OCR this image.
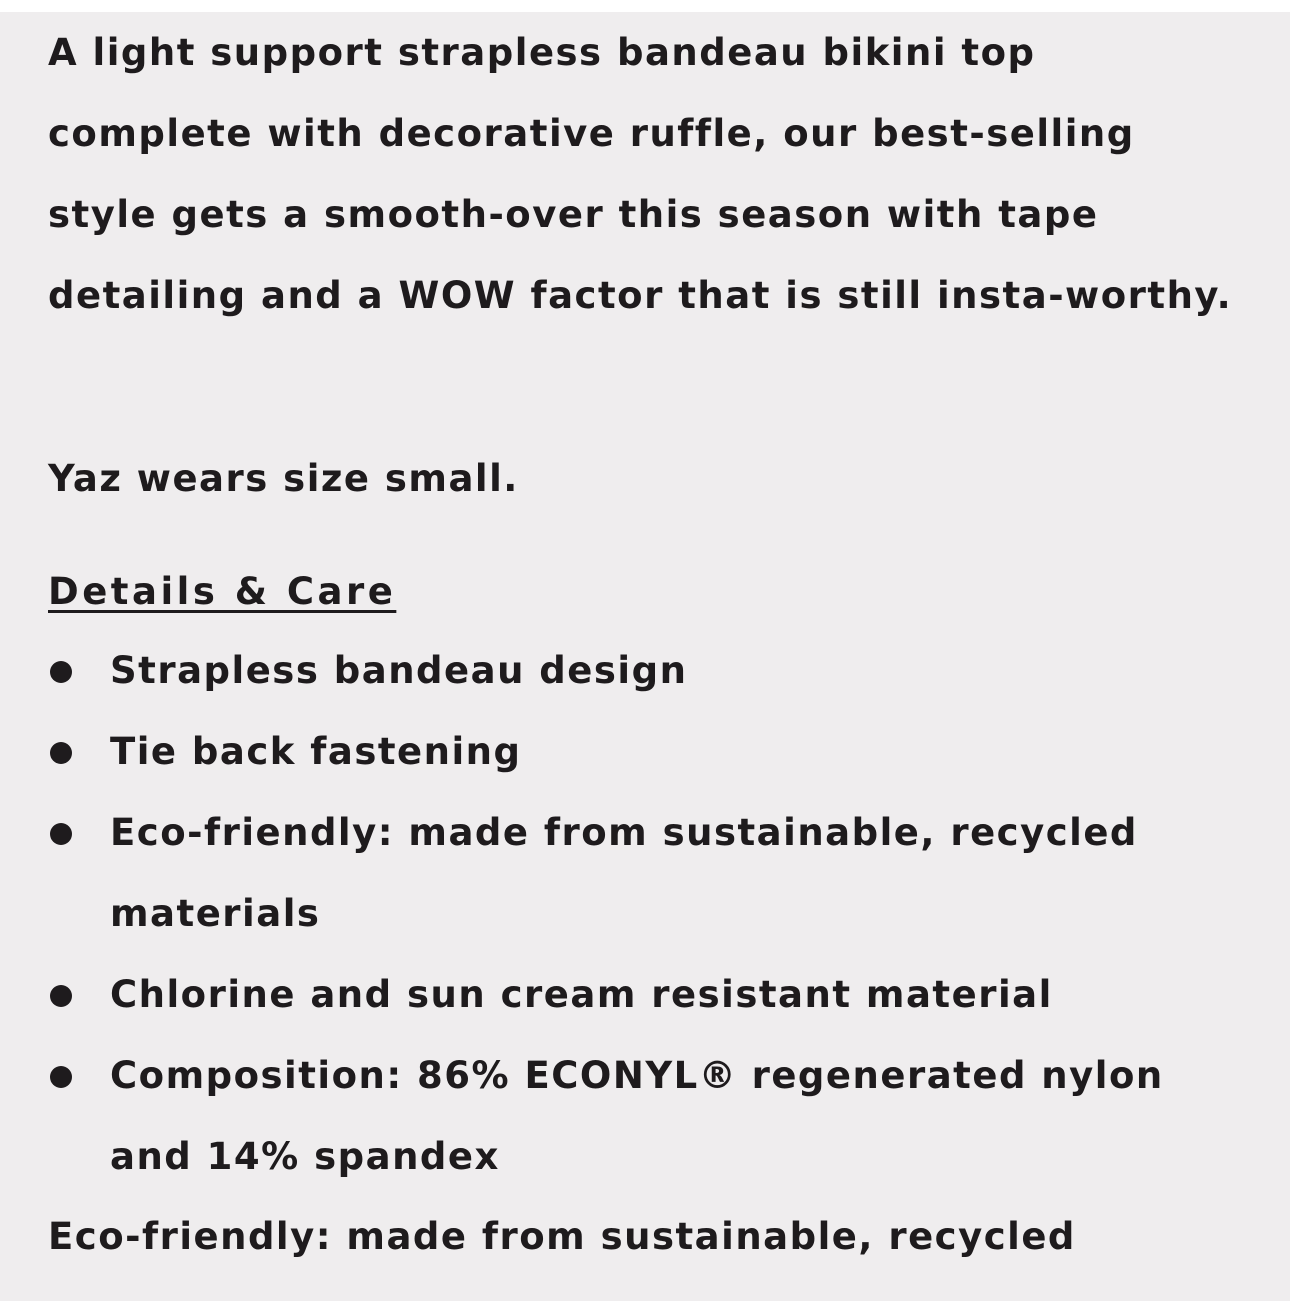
A light support strapless bandeau bikini top complete with decorative ruffle, our best-selling style gets a smooth-over this season with tape detailing and a WOW factor that is still insta-worthy.

Yaz wears size small.

Details & Care
Strapless bandeau design
Tie back fastening
Eco-friendly: made from sustainable, recycled materials
Chlorine and sun cream resistant material
Composition: 86% ECONYL® regenerated nylon and 14% spandex

Eco-friendly: made from sustainable, recycled
